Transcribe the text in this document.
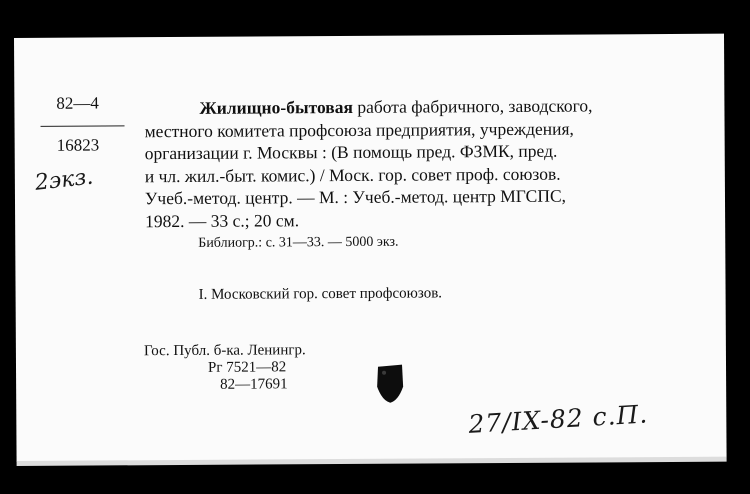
82—4
16823
2экз.
Жилищно-бытовая работа фабричного, заводского,
местного комитета профсоюза предприятия, учреждения,
организации г. Москвы : (В помощь пред. ФЗМК, пред.
и чл. жил.-быт. комис.) / Моск. гор. совет проф. союзов.
Учеб.-метод. центр. — М. : Учеб.-метод. центр МГСПС,
1982. — 33 с.; 20 см.
Библиогр.: с. 31—33. — 5000 экз.
I. Московский гор. совет профсоюзов.
Гос. Публ. б-ка. Ленингр.
Рг 7521—82
82—17691
27/IX-82 с.П.
